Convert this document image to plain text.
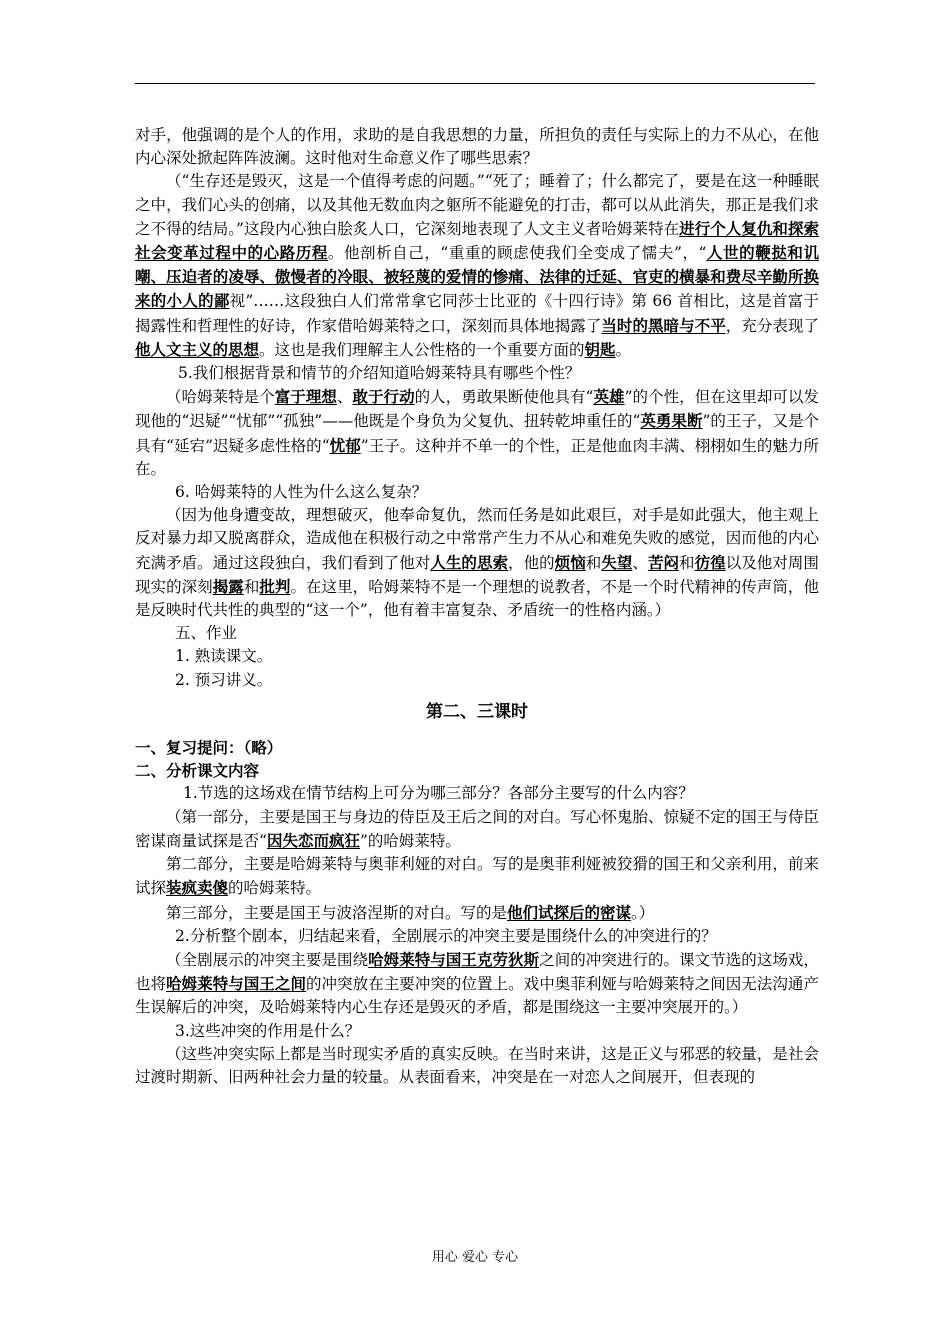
对手，他强调的是个人的作用，求助的是自我思想的力量，所担负的责任与实际上的力不从心，在他内心深处掀起阵阵波澜。这时他对生命意义作了哪些思索？

（“生存还是毁灭，这是一个值得考虑的问题。”“死了；睡着了；什么都完了，要是在这一种睡眠之中，我们心头的创痛，以及其他无数血肉之躯所不能避免的打击，都可以从此消失，那正是我们求之不得的结局。”这段内心独白脍炙人口，它深刻地表现了人文主义者哈姆莱特在进行个人复仇和探索社会变革过程中的心路历程。他剖析自己，“重重的顾虑使我们全变成了懦夫”，“人世的鞭挞和讥嘲、压迫者的凌辱、傲慢者的冷眼、被轻蔑的爱情的惨痛、法律的迁延、官吏的横暴和费尽辛勤所换来的小人的鄙视”……这段独白人们常常拿它同莎士比亚的《十四行诗》第 66 首相比，这是首富于揭露性和哲理性的好诗，作家借哈姆莱特之口，深刻而具体地揭露了当时的黑暗与不平，充分表现了他人文主义的思想。这也是我们理解主人公性格的一个重要方面的钥匙。

5.我们根据背景和情节的介绍知道哈姆莱特具有哪些个性？

（哈姆莱特是个富于理想、敢于行动的人，勇敢果断使他具有“英雄”的个性，但在这里却可以发现他的“迟疑”“忧郁”“孤独”——他既是个身负为父复仇、扭转乾坤重任的“英勇果断”的王子，又是个具有“延宕”迟疑多虑性格的“忧郁”王子。这种并不单一的个性，正是他血肉丰满、栩栩如生的魅力所在。

6. 哈姆莱特的人性为什么这么复杂？

（因为他身遭变故，理想破灭，他奉命复仇，然而任务是如此艰巨，对手是如此强大，他主观上反对暴力却又脱离群众，造成他在积极行动之中常常产生力不从心和难免失败的感觉，因而他的内心充满矛盾。通过这段独白，我们看到了他对人生的思索，他的烦恼和失望、苦闷和彷徨以及他对周围现实的深刻揭露和批判。在这里，哈姆莱特不是一个理想的说教者，不是一个时代精神的传声筒，他是反映时代共性的典型的“这一个”，他有着丰富复杂、矛盾统一的性格内涵。）

五、作业

1. 熟读课文。

2. 预习讲义。

第二、三课时

一、复习提问：（略）

二、分析课文内容

1.节选的这场戏在情节结构上可分为哪三部分？各部分主要写的什么内容？

（第一部分，主要是国王与身边的侍臣及王后之间的对白。写心怀鬼胎、惊疑不定的国王与侍臣密谋商量试探是否“因失恋而疯狂”的哈姆莱特。

第二部分，主要是哈姆莱特与奥菲利娅的对白。写的是奥菲利娅被狡猾的国王和父亲利用，前来试探装疯卖傻的哈姆莱特。

第三部分，主要是国王与波洛涅斯的对白。写的是他们试探后的密谋。）

2.分析整个剧本，归结起来看，全剧展示的冲突主要是围绕什么的冲突进行的？

（全剧展示的冲突主要是围绕哈姆莱特与国王克劳狄斯之间的冲突进行的。课文节选的这场戏，也将哈姆莱特与国王之间的冲突放在主要冲突的位置上。戏中奥菲利娅与哈姆莱特之间因无法沟通产生误解后的冲突，及哈姆莱特内心生存还是毁灭的矛盾，都是围绕这一主要冲突展开的。）

3.这些冲突的作用是什么？

（这些冲突实际上都是当时现实矛盾的真实反映。在当时来讲，这是正义与邪恶的较量，是社会过渡时期新、旧两种社会力量的较量。从表面看来，冲突是在一对恋人之间展开，但表现的

用心 爱心 专心
